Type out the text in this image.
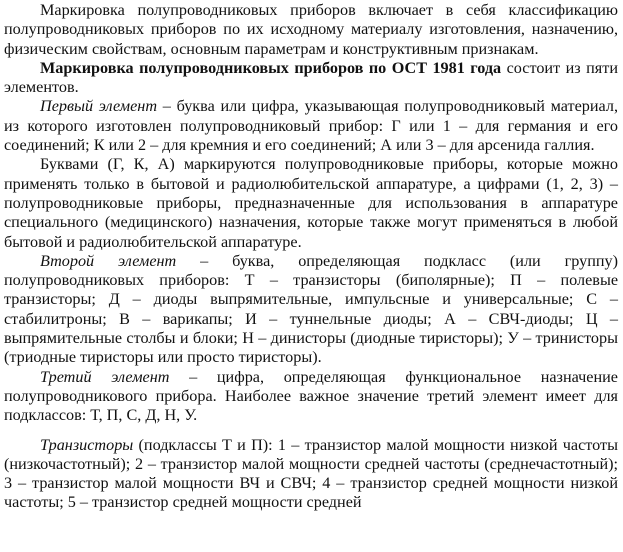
Маркировка полупроводниковых приборов включает в себя классификацию полупроводниковых приборов по их исходному материалу изготовления, назначению, физическим свойствам, основным параметрам и конструктивным признакам.

Маркировка полупроводниковых приборов по ОСТ 1981 года состоит из пяти элементов.

Первый элемент – буква или цифра, указывающая полупроводниковый материал, из которого изготовлен полупроводниковый прибор: Г или 1 – для германия и его соединений; К или 2 – для кремния и его соединений; А или 3 – для арсенида галлия.

Буквами (Г, К, А) маркируются полупроводниковые приборы, которые можно применять только в бытовой и радиолюбительской аппаратуре, а цифрами (1, 2, 3) – полупроводниковые приборы, предназначенные для использования в аппаратуре специального (медицинского) назначения, которые также могут применяться в любой бытовой и радиолюбительской аппаратуре.

Второй элемент – буква, определяющая подкласс (или группу) полупроводниковых приборов: Т – транзисторы (биполярные); П – полевые транзисторы; Д – диоды выпрямительные, импульсные и универсальные; С – стабилитроны; В – варикапы; И – туннельные диоды; А – СВЧ-диоды; Ц – выпрямительные столбы и блоки; Н – динисторы (диодные тиристоры); У – тринисторы (триодные тиристоры или просто тиристоры).

Третий элемент – цифра, определяющая функциональное назначение полупроводникового прибора. Наиболее важное значение третий элемент имеет для подклассов: Т, П, С, Д, Н, У.

Транзисторы (подклассы Т и П): 1 – транзистор малой мощности низкой частоты (низкочастотный); 2 – транзистор малой мощности средней частоты (среднечастотный); 3 – транзистор малой мощности ВЧ и СВЧ; 4 – транзистор средней мощности низкой частоты; 5 – транзистор средней мощности средней
